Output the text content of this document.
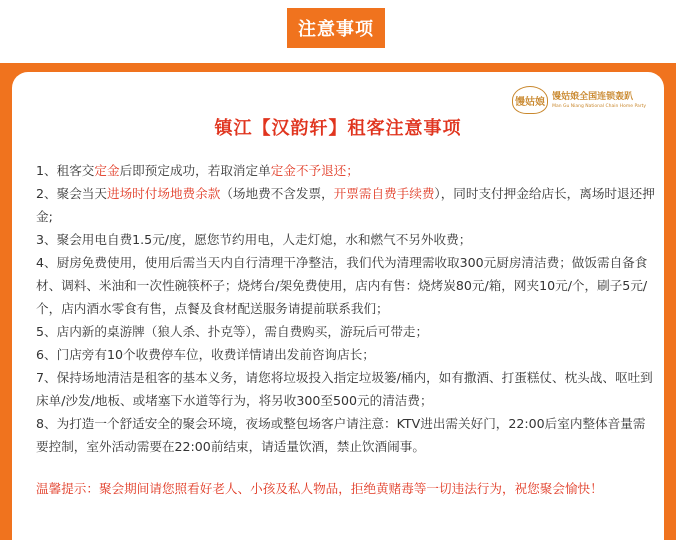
注意事项
馒姑娘 馒姑娘全国连锁轰趴
Man Gu Niang National Chain Home Party
镇江【汉韵轩】租客注意事项

1、租客交定金后即预定成功，若取消定单定金不予退还；

2、聚会当天进场时付场地费余款（场地费不含发票，开票需自费手续费），同时支付押金给店长，离场时退还押金;

3、聚会用电自费1.5元/度，愿您节约用电，人走灯熄，水和燃气不另外收费；

4、厨房免费使用，使用后需当天内自行清理干净整洁，我们代为清理需收取300元厨房清洁费；做饭需自备食材、调料、米油和一次性碗筷杯子；烧烤台/架免费使用，店内有售：烧烤炭80元/箱，网夹10元/个，刷子5元/个，店内酒水零食有售，点餐及食材配送服务请提前联系我们；

5、店内新的桌游牌（狼人杀、扑克等），需自费购买，游玩后可带走；

6、门店旁有10个收费停车位，收费详情请出发前咨询店长；

7、保持场地清洁是租客的基本义务，请您将垃圾投入指定垃圾篓/桶内，如有撒酒、打蛋糕仗、枕头战、呕吐到床单/沙发/地板、或堵塞下水道等行为，将另收300至500元的清洁费；

8、为打造一个舒适安全的聚会环境，夜场或整包场客户请注意：KTV进出需关好门，22:00后室内整体音量需要控制，室外活动需要在22:00前结束，请适量饮酒，禁止饮酒闹事。

温馨提示：聚会期间请您照看好老人、小孩及私人物品，拒绝黄赌毒等一切违法行为，祝您聚会愉快！
